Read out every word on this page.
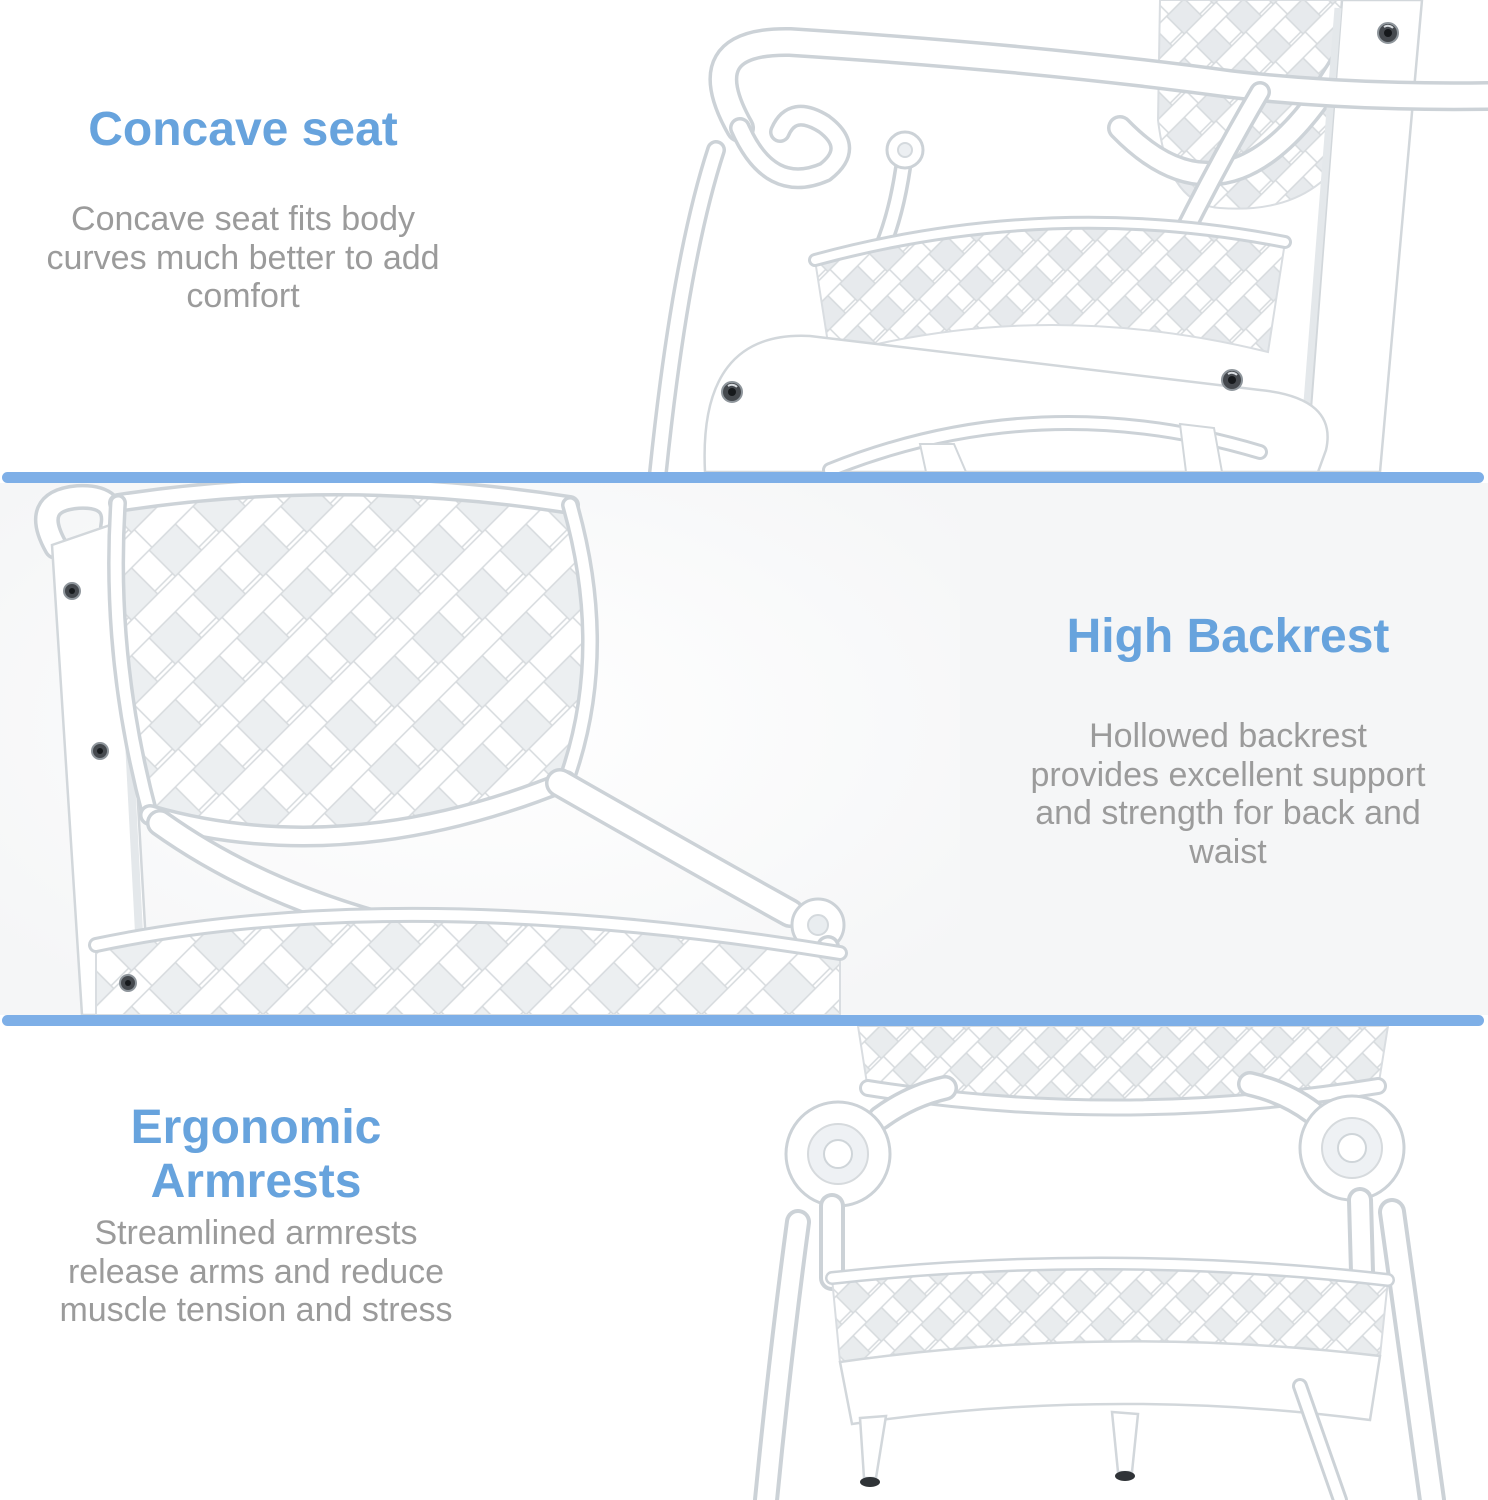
Concave seat
Concave seat fits body
curves much better to add
comfort
High Backrest
Hollowed backrest
provides excellent support
and strength for back and
waist
Ergonomic Armrests
Streamlined armrests
release arms and reduce
muscle tension and stress
